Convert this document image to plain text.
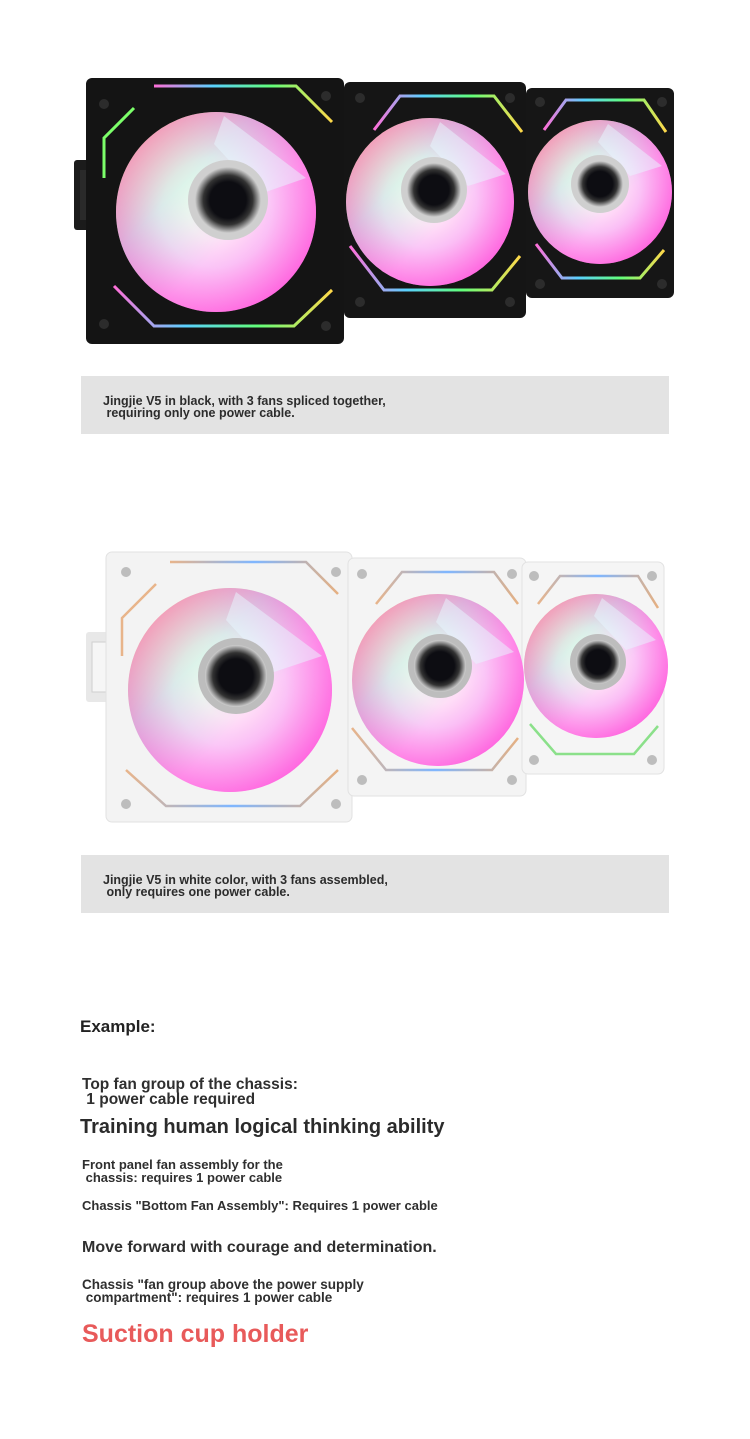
Jingjie V5 in black, with 3 fans spliced together,
requiring only one power cable.
Jingjie V5 in white color, with 3 fans assembled,
only requires one power cable.
Example:
Top fan group of the chassis:
1 power cable required
Training human logical thinking ability
Front panel fan assembly for the
chassis: requires 1 power cable
Chassis "Bottom Fan Assembly": Requires 1 power cable
Move forward with courage and determination.
Chassis "fan group above the power supply
compartment": requires 1 power cable
Suction cup holder
